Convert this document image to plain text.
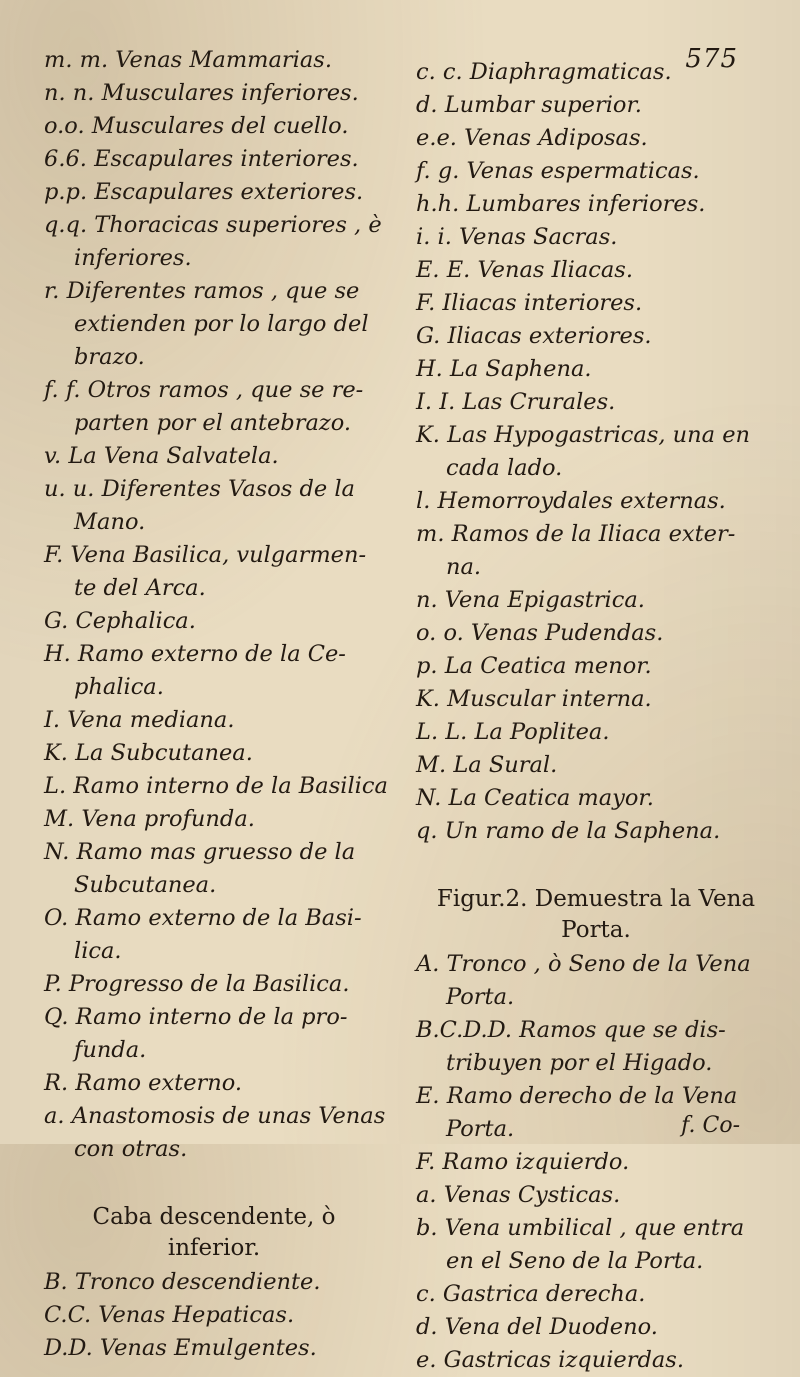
575
m. m. Venas Mammarias.
n. n. Musculares inferiores.
o.o. Musculares del cuello.
6.6. Escapulares interiores.
p.p. Escapulares exteriores.
q.q. Thoracicas superiores , è

inferiores.
r. Diferentes ramos , que se

extienden por lo largo del
brazo.
f. f. Otros ramos , que se re-

parten por el antebrazo.
v. La Vena Salvatela.
u. u. Diferentes Vasos de la

Mano.
F. Vena Basilica, vulgarmen-

te del Arca.
G. Cephalica.
H. Ramo externo de la Ce-

phalica.
I. Vena mediana.
K. La Subcutanea.
L. Ramo interno de la Basilica
M. Vena profunda.
N. Ramo mas gruesso de la

Subcutanea.
O. Ramo externo de la Basi-

lica.
P. Progresso de la Basilica.
Q. Ramo interno de la pro-

funda.
R. Ramo externo.
a. Anastomosis de unas Venas

con otras.
Caba descendente, ò
inferior.
B. Tronco descendiente.
C.C. Venas Hepaticas.
D.D. Venas Emulgentes.
c. c. Diaphragmaticas.
d. Lumbar superior.
e.e. Venas Adiposas.
f. g. Venas espermaticas.
h.h. Lumbares inferiores.
i. i. Venas Sacras.
E. E. Venas Iliacas.
F. Iliacas interiores.
G. Iliacas exteriores.
H. La Saphena.
I. I. Las Crurales.
K. Las Hypogastricas, una en

cada lado.
l. Hemorroydales externas.
m. Ramos de la Iliaca exter-

na.
n. Vena Epigastrica.
o. o. Venas Pudendas.
p. La Ceatica menor.
K. Muscular interna.
L. L. La Poplitea.
M. La Sural.
N. La Ceatica mayor.
q. Un ramo de la Saphena.
Figur.2. Demuestra la Vena
Porta.
A. Tronco , ò Seno de la Vena

Porta.
B.C.D.D. Ramos que se dis-

tribuyen por el Higado.
E. Ramo derecho de la Vena

Porta.
F. Ramo izquierdo.
a. Venas Cysticas.
b. Vena umbilical , que entra

en el Seno de la Porta.
c. Gastrica derecha.
d. Vena del Duodeno.
e. Gastricas izquierdas.
f. Co-
